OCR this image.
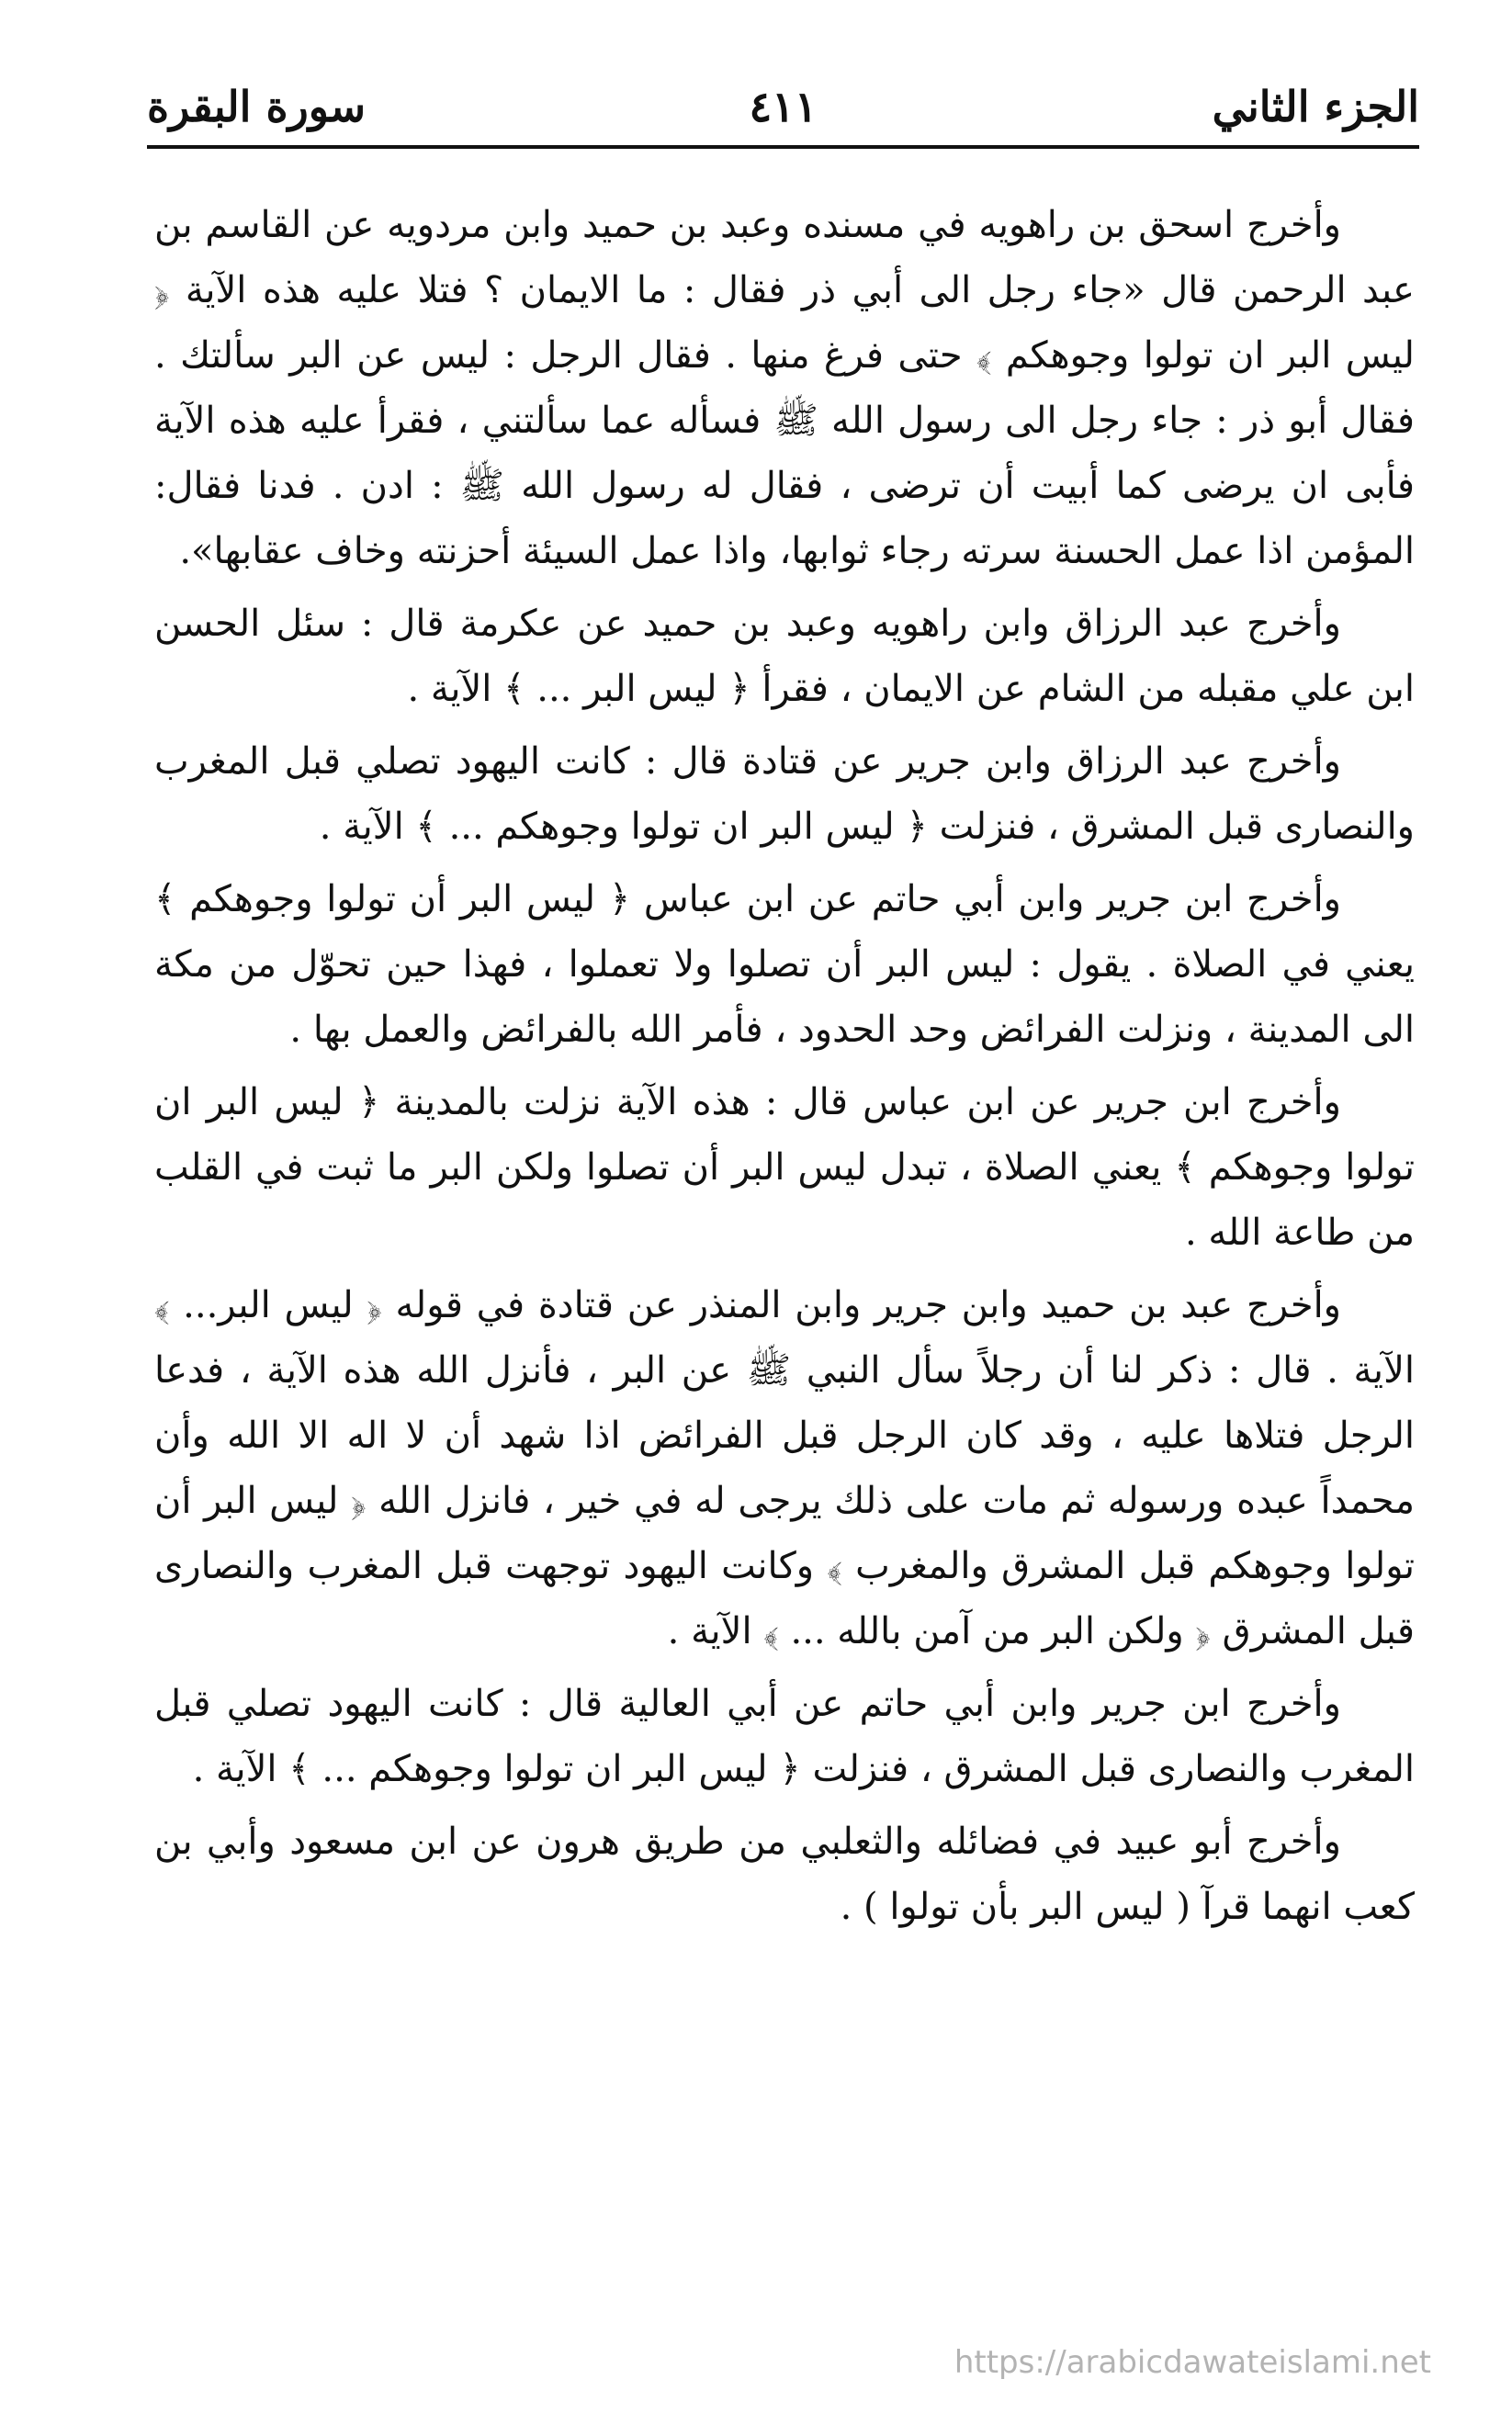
الجزء الثاني
٤١١
سورة البقرة

وأخرج اسحق بن راهويه في مسنده وعبد بن حميد وابن مردويه عن القاسم بن عبد الرحمن قال «جاء رجل الى أبي ذر فقال : ما الايمان ؟ فتلا عليه هذه الآية ﴿ ليس البر ان تولوا وجوهكم ﴾ حتى فرغ منها . فقال الرجل : ليس عن البر سألتك . فقال أبو ذر : جاء رجل الى رسول الله ﷺ فسأله عما سألتني ، فقرأ عليه هذه الآية فأبى ان يرضى كما أبيت أن ترضى ، فقال له رسول الله ﷺ : ادن . فدنا فقال: المؤمن اذا عمل الحسنة سرته رجاء ثوابها، واذا عمل السيئة أحزنته وخاف عقابها».

وأخرج عبد الرزاق وابن راهويه وعبد بن حميد عن عكرمة قال : سئل الحسن ابن علي مقبله من الشام عن الايمان ، فقرأ ﴿ ليس البر ... ﴾ الآية .

وأخرج عبد الرزاق وابن جرير عن قتادة قال : كانت اليهود تصلي قبل المغرب والنصارى قبل المشرق ، فنزلت ﴿ ليس البر ان تولوا وجوهكم ... ﴾ الآية .

وأخرج ابن جرير وابن أبي حاتم عن ابن عباس ﴿ ليس البر أن تولوا وجوهكم ﴾ يعني في الصلاة . يقول : ليس البر أن تصلوا ولا تعملوا ، فهذا حين تحوّل من مكة الى المدينة ، ونزلت الفرائض وحد الحدود ، فأمر الله بالفرائض والعمل بها .

وأخرج ابن جرير عن ابن عباس قال : هذه الآية نزلت بالمدينة ﴿ ليس البر ان تولوا وجوهكم ﴾ يعني الصلاة ، تبدل ليس البر أن تصلوا ولكن البر ما ثبت في القلب من طاعة الله .

وأخرج عبد بن حميد وابن جرير وابن المنذر عن قتادة في قوله ﴿ ليس البر... ﴾ الآية . قال : ذكر لنا أن رجلاً سأل النبي ﷺ عن البر ، فأنزل الله هذه الآية ، فدعا الرجل فتلاها عليه ، وقد كان الرجل قبل الفرائض اذا شهد أن لا اله الا الله وأن محمداً عبده ورسوله ثم مات على ذلك يرجى له في خير ، فانزل الله ﴿ ليس البر أن تولوا وجوهكم قبل المشرق والمغرب ﴾ وكانت اليهود توجهت قبل المغرب والنصارى قبل المشرق ﴿ ولكن البر من آمن بالله ... ﴾ الآية .

وأخرج ابن جرير وابن أبي حاتم عن أبي العالية قال : كانت اليهود تصلي قبل المغرب والنصارى قبل المشرق ، فنزلت ﴿ ليس البر ان تولوا وجوهكم ... ﴾ الآية .

وأخرج أبو عبيد في فضائله والثعلبي من طريق هرون عن ابن مسعود وأبي بن كعب انهما قرآ ( ليس البر بأن تولوا ) .

https://arabicdawateislami.net
